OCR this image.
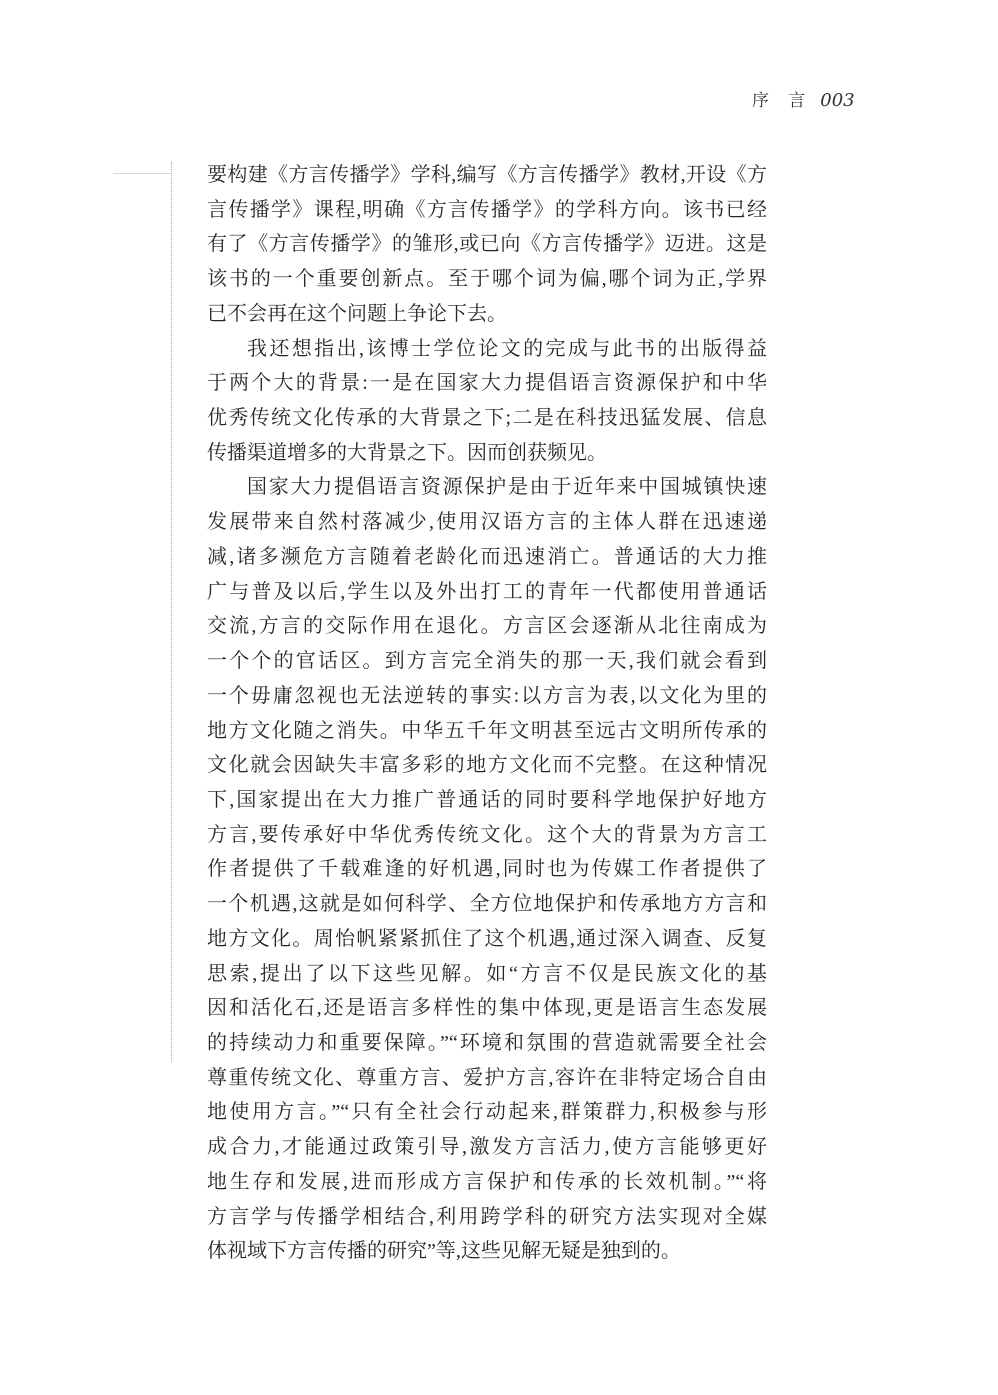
序 言 003
要构建《方言传播学》学科,编写《方言传播学》教材,开设《方
言传播学》课程,明确《方言传播学》的学科方向。该书已经
有了《方言传播学》的雏形,或已向《方言传播学》迈进。这是
该书的一个重要创新点。至于哪个词为偏,哪个词为正,学界
已不会再在这个问题上争论下去。
我还想指出,该博士学位论文的完成与此书的出版得益
于两个大的背景:一是在国家大力提倡语言资源保护和中华
优秀传统文化传承的大背景之下;二是在科技迅猛发展、信息
传播渠道增多的大背景之下。因而创获频见。
国家大力提倡语言资源保护是由于近年来中国城镇快速
发展带来自然村落减少,使用汉语方言的主体人群在迅速递
减,诸多濒危方言随着老龄化而迅速消亡。普通话的大力推
广与普及以后,学生以及外出打工的青年一代都使用普通话
交流,方言的交际作用在退化。方言区会逐渐从北往南成为
一个个的官话区。到方言完全消失的那一天,我们就会看到
一个毋庸忽视也无法逆转的事实:以方言为表,以文化为里的
地方文化随之消失。中华五千年文明甚至远古文明所传承的
文化就会因缺失丰富多彩的地方文化而不完整。在这种情况
下,国家提出在大力推广普通话的同时要科学地保护好地方
方言,要传承好中华优秀传统文化。这个大的背景为方言工
作者提供了千载难逢的好机遇,同时也为传媒工作者提供了
一个机遇,这就是如何科学、全方位地保护和传承地方方言和
地方文化。周怡帆紧紧抓住了这个机遇,通过深入调查、反复
思索,提出了以下这些见解。如“方言不仅是民族文化的基
因和活化石,还是语言多样性的集中体现,更是语言生态发展
的持续动力和重要保障。”“环境和氛围的营造就需要全社会
尊重传统文化、尊重方言、爱护方言,容许在非特定场合自由
地使用方言。”“只有全社会行动起来,群策群力,积极参与形
成合力,才能通过政策引导,激发方言活力,使方言能够更好
地生存和发展,进而形成方言保护和传承的长效机制。”“将
方言学与传播学相结合,利用跨学科的研究方法实现对全媒
体视域下方言传播的研究”等,这些见解无疑是独到的。
